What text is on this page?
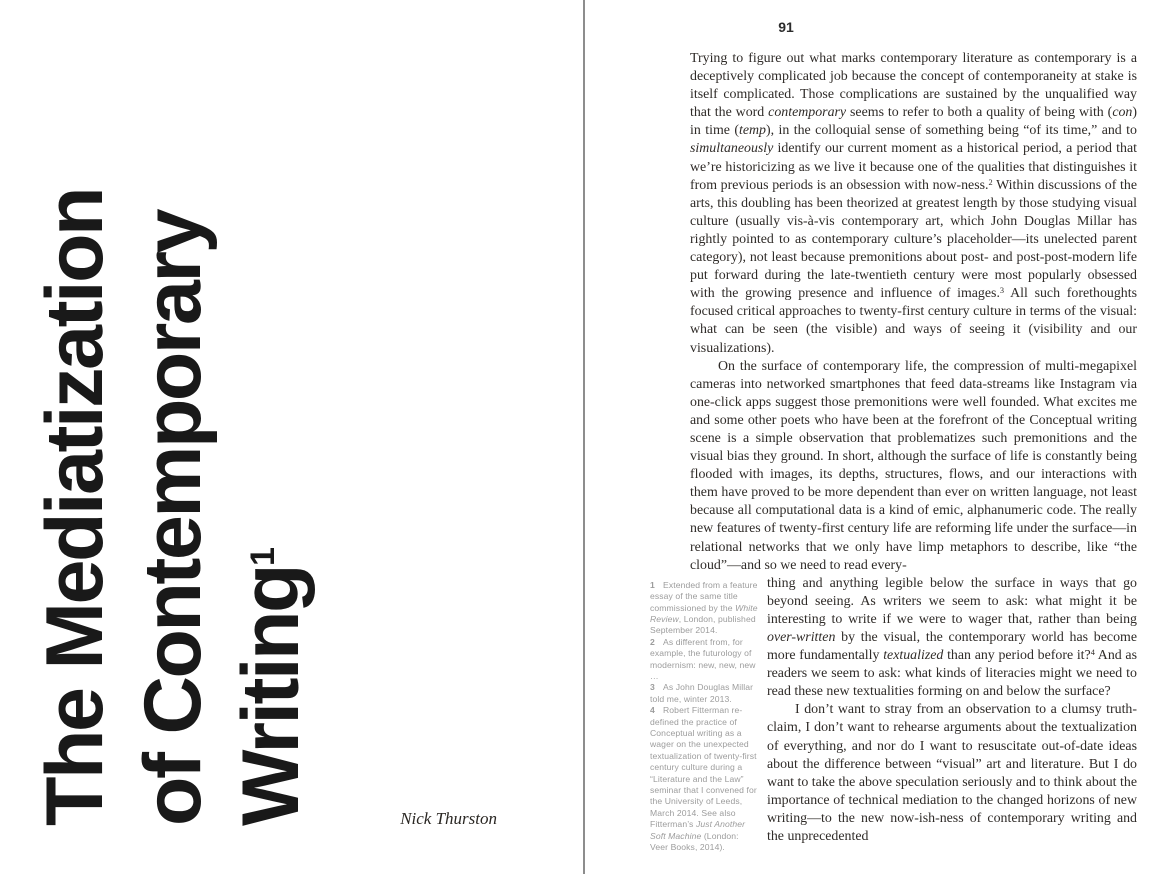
The Mediatization of Contemporary Writing$^1$
Nick Thurston
91

Trying to figure out what marks contemporary literature as contemporary is a deceptively complicated job because the concept of contemporaneity at stake is itself complicated. Those complications are sustained by the unqualified way that the word contemporary seems to refer to both a quality of being with (con) in time (temp), in the colloquial sense of something being “of its time,” and to simultaneously identify our current moment as a historical period, a period that we’re historicizing as we live it because one of the qualities that distinguishes it from previous periods is an obsession with now-ness.$^2$ Within discussions of the arts, this doubling has been theorized at greatest length by those studying visual culture (usually vis-à-vis contemporary art, which John Douglas Millar has rightly pointed to as contemporary culture’s placeholder—its unelected parent category), not least because premonitions about post- and post-post-modern life put forward during the late-twentieth century were most popularly obsessed with the growing presence and influence of images.$^3$ All such forethoughts focused critical approaches to twenty-first century culture in terms of the visual: what can be seen (the visible) and ways of seeing it (visibility and our visualizations).

On the surface of contemporary life, the compression of multi-megapixel cameras into networked smartphones that feed data-streams like Instagram via one-click apps suggest those premonitions were well founded. What excites me and some other poets who have been at the forefront of the Conceptual writing scene is a simple observation that problematizes such premonitions and the visual bias they ground. In short, although the surface of life is constantly being flooded with images, its depths, structures, flows, and our interactions with them have proved to be more dependent than ever on written language, not least because all computational data is a kind of emic, alphanumeric code. The really new features of twenty-first century life are reforming life under the surface—in relational networks that we only have limp metaphors to describe, like “the cloud”—and so we need to read every-

1 Extended from a feature essay of the same title commissioned by the White Review, London, published September 2014.

2 As different from, for example, the futurology of modernism: new, new, new …

3 As John Douglas Millar told me, winter 2013.

4 Robert Fitterman re-defined the practice of Conceptual writing as a wager on the unexpected textualization of twenty-first century culture during a “Literature and the Law” seminar that I convened for the University of Leeds, March 2014. See also Fitterman’s Just Another Soft Machine (London: Veer Books, 2014).

thing and anything legible below the surface in ways that go beyond seeing. As writers we seem to ask: what might it be interesting to write if we were to wager that, rather than being over-written by the visual, the contemporary world has become more fundamentally textualized than any period before it?$^4$ And as readers we seem to ask: what kinds of literacies might we need to read these new textualities forming on and below the surface?

I don’t want to stray from an observation to a clumsy truth-claim, I don’t want to rehearse arguments about the textualization of everything, and nor do I want to resuscitate out-of-date ideas about the difference between “visual” art and literature. But I do want to take the above speculation seriously and to think about the importance of technical mediation to the changed horizons of new writing—to the new now-ish-ness of contemporary writing and the unprecedented
